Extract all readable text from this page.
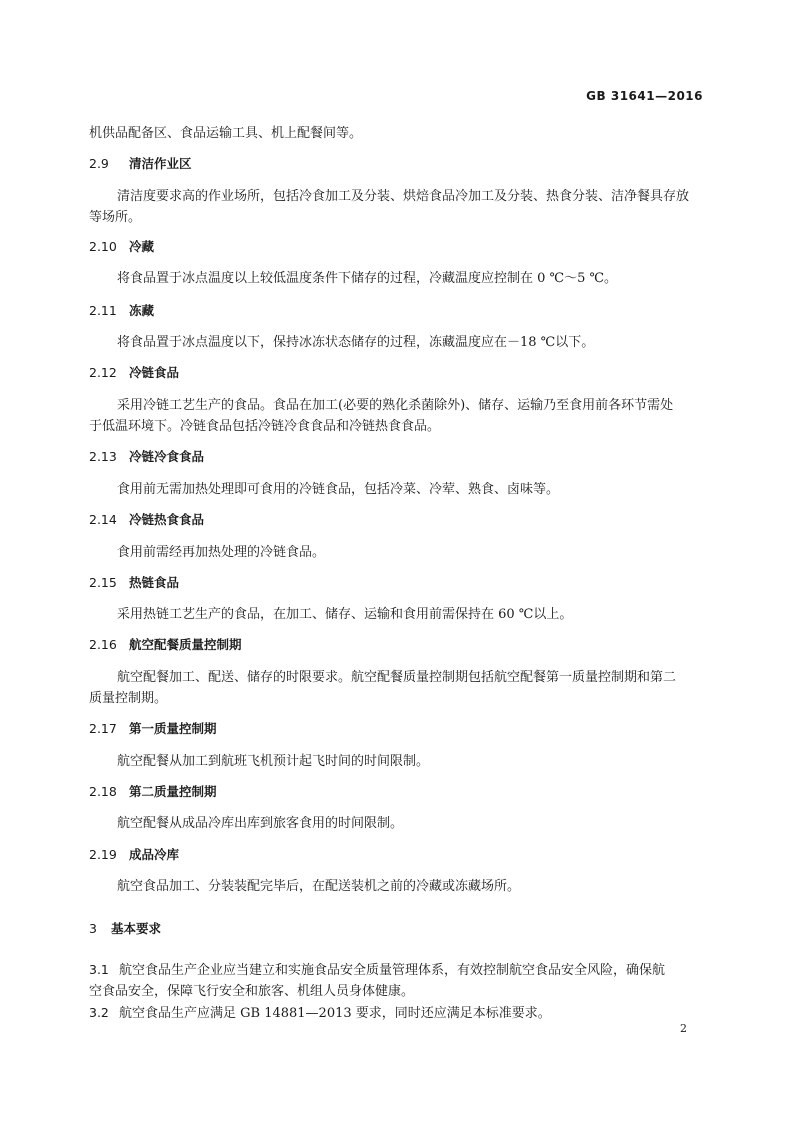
GB 31641—2016
机供品配备区、食品运输工具、机上配餐间等。
2.9 清洁作业区
清洁度要求高的作业场所，包括冷食加工及分装、烘焙食品冷加工及分装、热食分装、洁净餐具存放
等场所。
2.10 冷藏
将食品置于冰点温度以上较低温度条件下储存的过程，冷藏温度应控制在 0 ℃～5 ℃。
2.11 冻藏
将食品置于冰点温度以下，保持冰冻状态储存的过程，冻藏温度应在－18 ℃以下。
2.12 冷链食品
采用冷链工艺生产的食品。食品在加工(必要的熟化杀菌除外)、储存、运输乃至食用前各环节需处
于低温环境下。冷链食品包括冷链冷食食品和冷链热食食品。
2.13 冷链冷食食品
食用前无需加热处理即可食用的冷链食品，包括冷菜、冷荤、熟食、卤味等。
2.14 冷链热食食品
食用前需经再加热处理的冷链食品。
2.15 热链食品
采用热链工艺生产的食品，在加工、储存、运输和食用前需保持在 60 ℃以上。
2.16 航空配餐质量控制期
航空配餐加工、配送、储存的时限要求。航空配餐质量控制期包括航空配餐第一质量控制期和第二
质量控制期。
2.17 第一质量控制期
航空配餐从加工到航班飞机预计起飞时间的时间限制。
2.18 第二质量控制期
航空配餐从成品冷库出库到旅客食用的时间限制。
2.19 成品冷库
航空食品加工、分装装配完毕后，在配送装机之前的冷藏或冻藏场所。
3 基本要求
3.1 航空食品生产企业应当建立和实施食品安全质量管理体系，有效控制航空食品安全风险，确保航
空食品安全，保障飞行安全和旅客、机组人员身体健康。
3.2 航空食品生产应满足 GB 14881—2013 要求，同时还应满足本标准要求。
2
